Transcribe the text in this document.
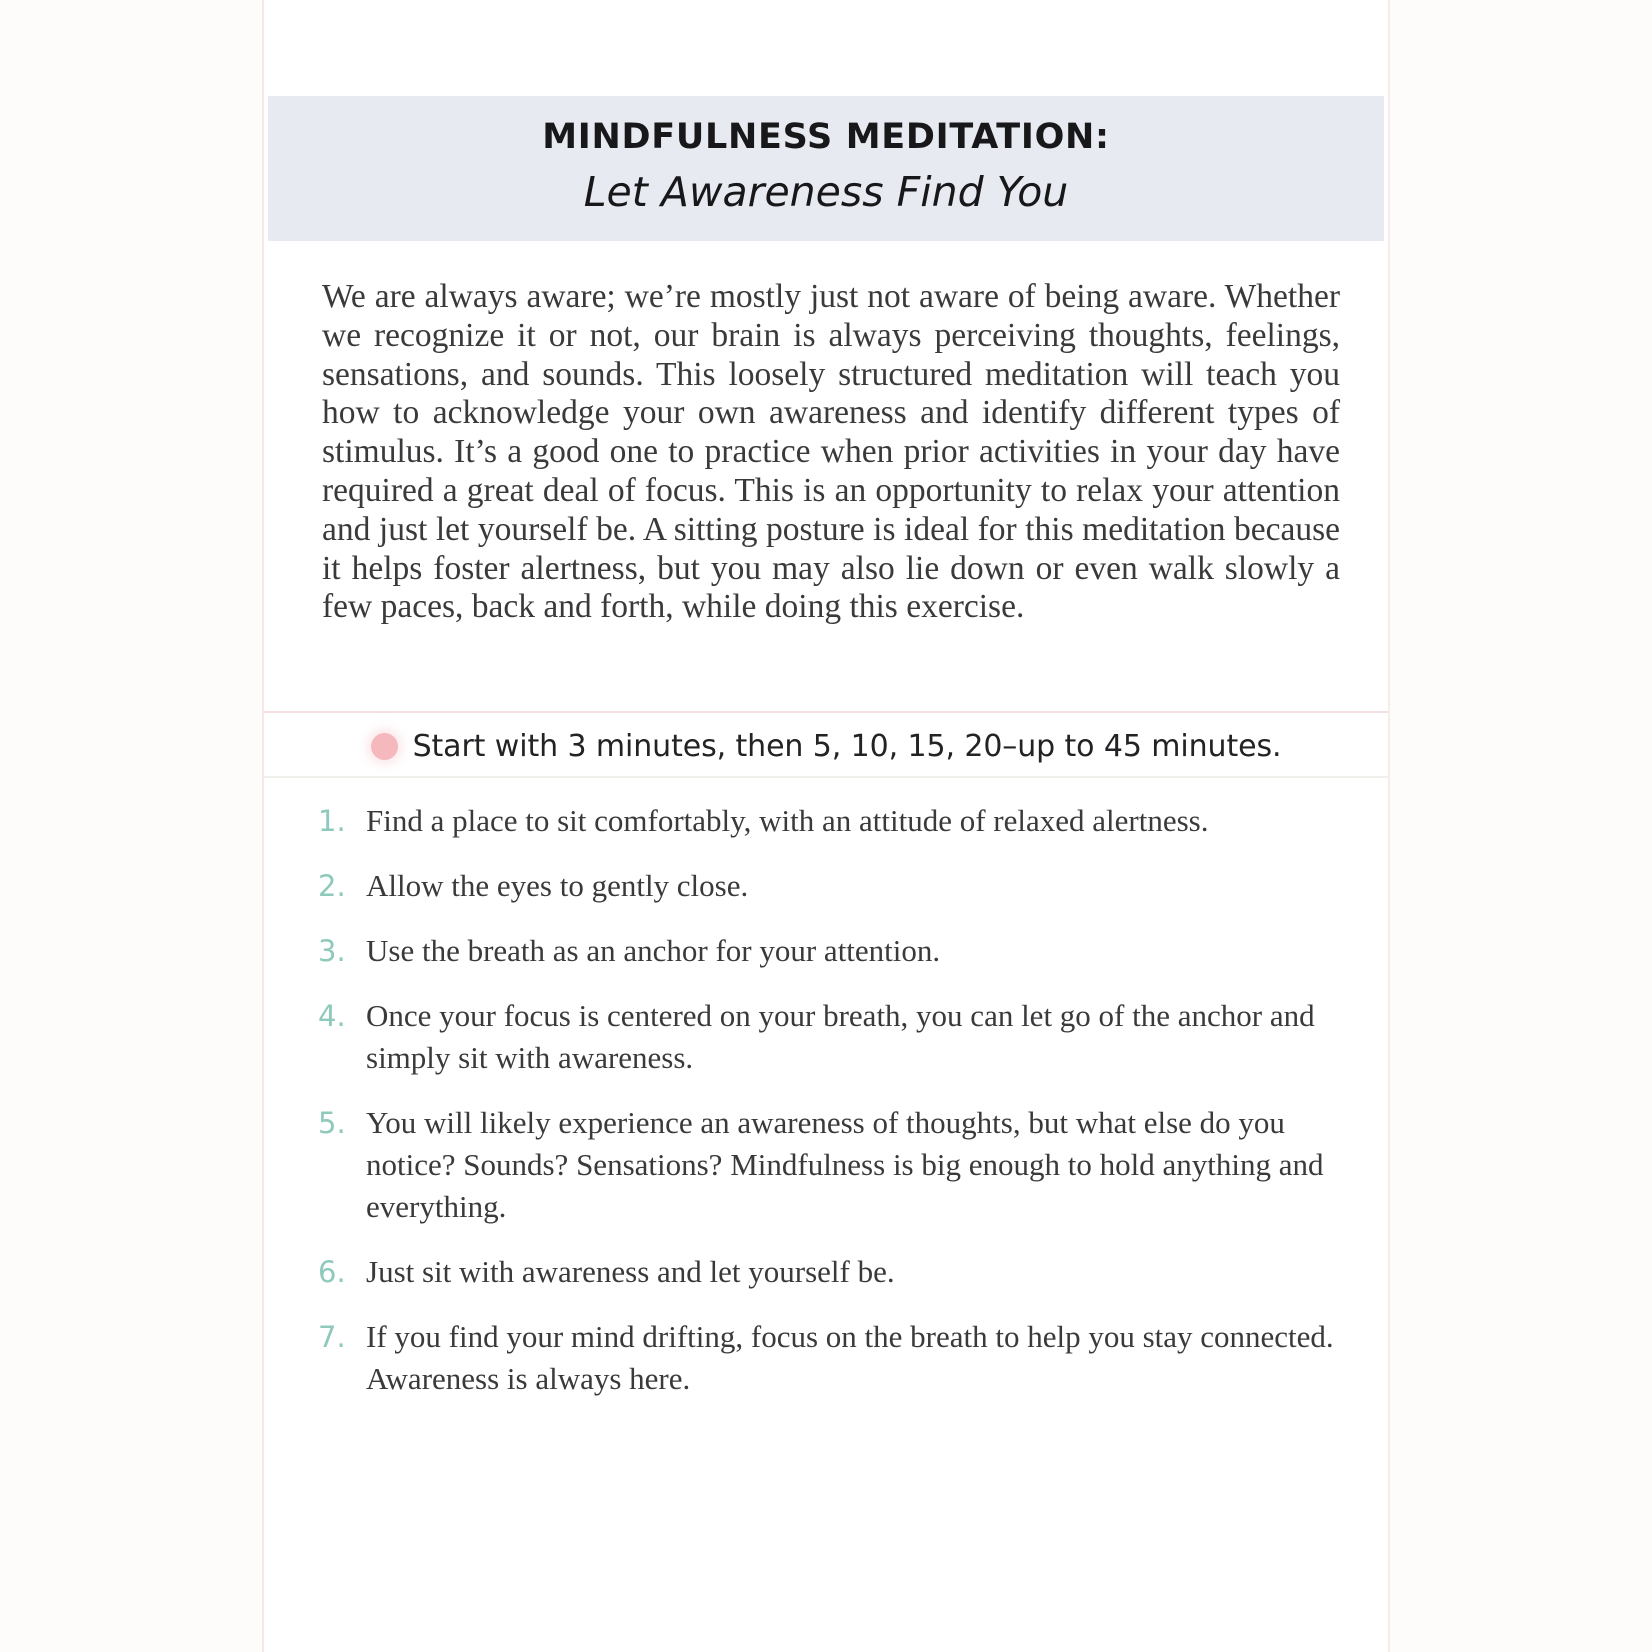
MINDFULNESS MEDITATION:
Let Awareness Find You

We are always aware; we’re mostly just not aware of being aware. Whether we recognize it or not, our brain is always perceiving thoughts, feelings, sensations, and sounds. This loosely structured meditation will teach you how to acknowledge your own awareness and identify different types of stimulus. It’s a good one to practice when prior activities in your day have required a great deal of focus. This is an opportunity to relax your attention and just let yourself be. A sitting posture is ideal for this meditation because it helps foster alertness, but you may also lie down or even walk slowly a few paces, back and forth, while doing this exercise.

Start with 3 minutes, then 5, 10, 15, 20–up to 45 minutes.
1. Find a place to sit comfortably, with an attitude of relaxed alertness.
2. Allow the eyes to gently close.
3. Use the breath as an anchor for your attention.
4. Once your focus is centered on your breath, you can let go of the anchor and simply sit with awareness.
5. You will likely experience an awareness of thoughts, but what else do you notice? Sounds? Sensations? Mindfulness is big enough to hold anything and everything.
6. Just sit with awareness and let yourself be.
7. If you find your mind drifting, focus on the breath to help you stay connected. Awareness is always here.
